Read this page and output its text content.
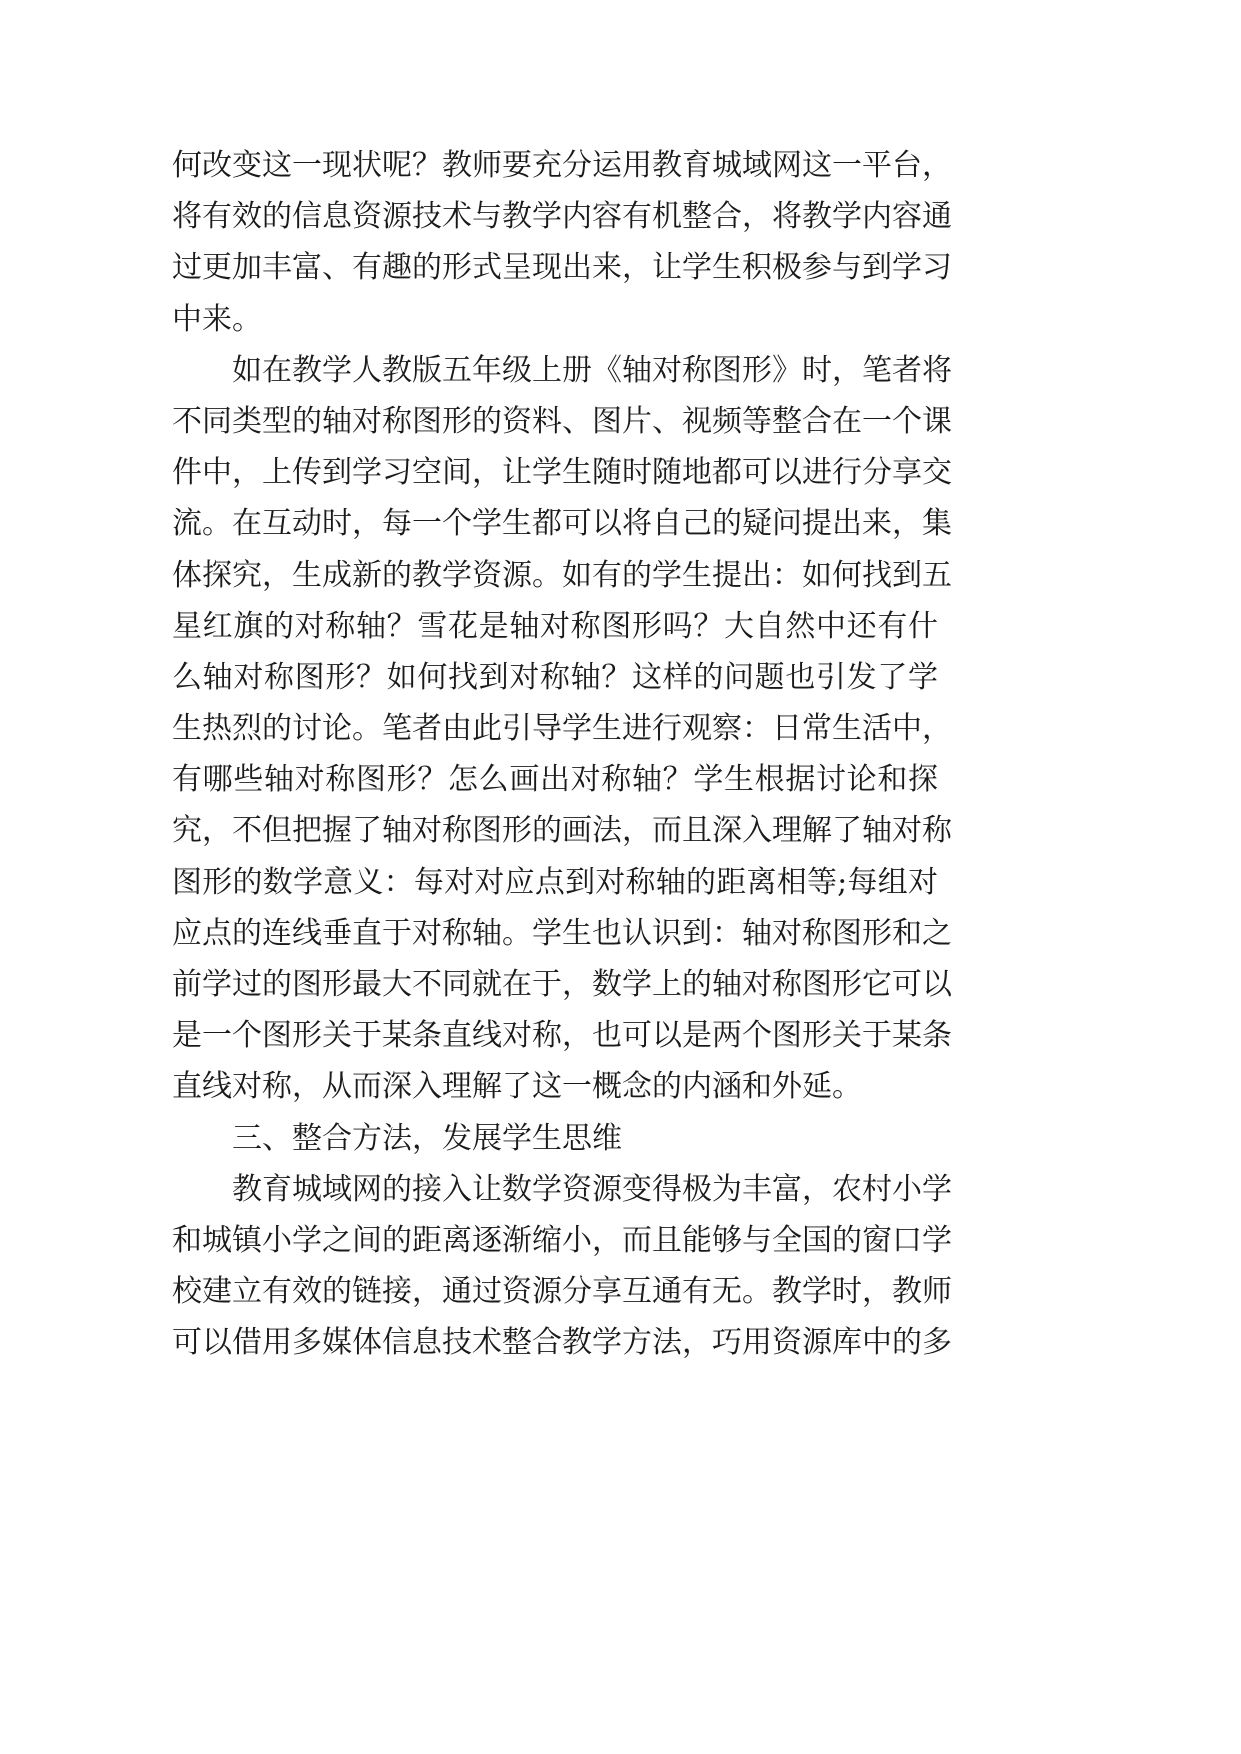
何改变这一现状呢？教师要充分运用教育城域网这一平台，
将有效的信息资源技术与教学内容有机整合，将教学内容通
过更加丰富、有趣的形式呈现出来，让学生积极参与到学习
中来。
如在教学人教版五年级上册《轴对称图形》时，笔者将
不同类型的轴对称图形的资料、图片、视频等整合在一个课
件中，上传到学习空间，让学生随时随地都可以进行分享交
流。在互动时，每一个学生都可以将自己的疑问提出来，集
体探究，生成新的教学资源。如有的学生提出：如何找到五
星红旗的对称轴？雪花是轴对称图形吗？大自然中还有什
么轴对称图形？如何找到对称轴？这样的问题也引发了学
生热烈的讨论。笔者由此引导学生进行观察：日常生活中，
有哪些轴对称图形？怎么画出对称轴？学生根据讨论和探
究，不但把握了轴对称图形的画法，而且深入理解了轴对称
图形的数学意义：每对对应点到对称轴的距离相等;每组对
应点的连线垂直于对称轴。学生也认识到：轴对称图形和之
前学过的图形最大不同就在于，数学上的轴对称图形它可以
是一个图形关于某条直线对称，也可以是两个图形关于某条
直线对称，从而深入理解了这一概念的内涵和外延。
三、整合方法，发展学生思维
教育城域网的接入让数学资源变得极为丰富，农村小学
和城镇小学之间的距离逐渐缩小，而且能够与全国的窗口学
校建立有效的链接，通过资源分享互通有无。教学时，教师
可以借用多媒体信息技术整合教学方法，巧用资源库中的多
